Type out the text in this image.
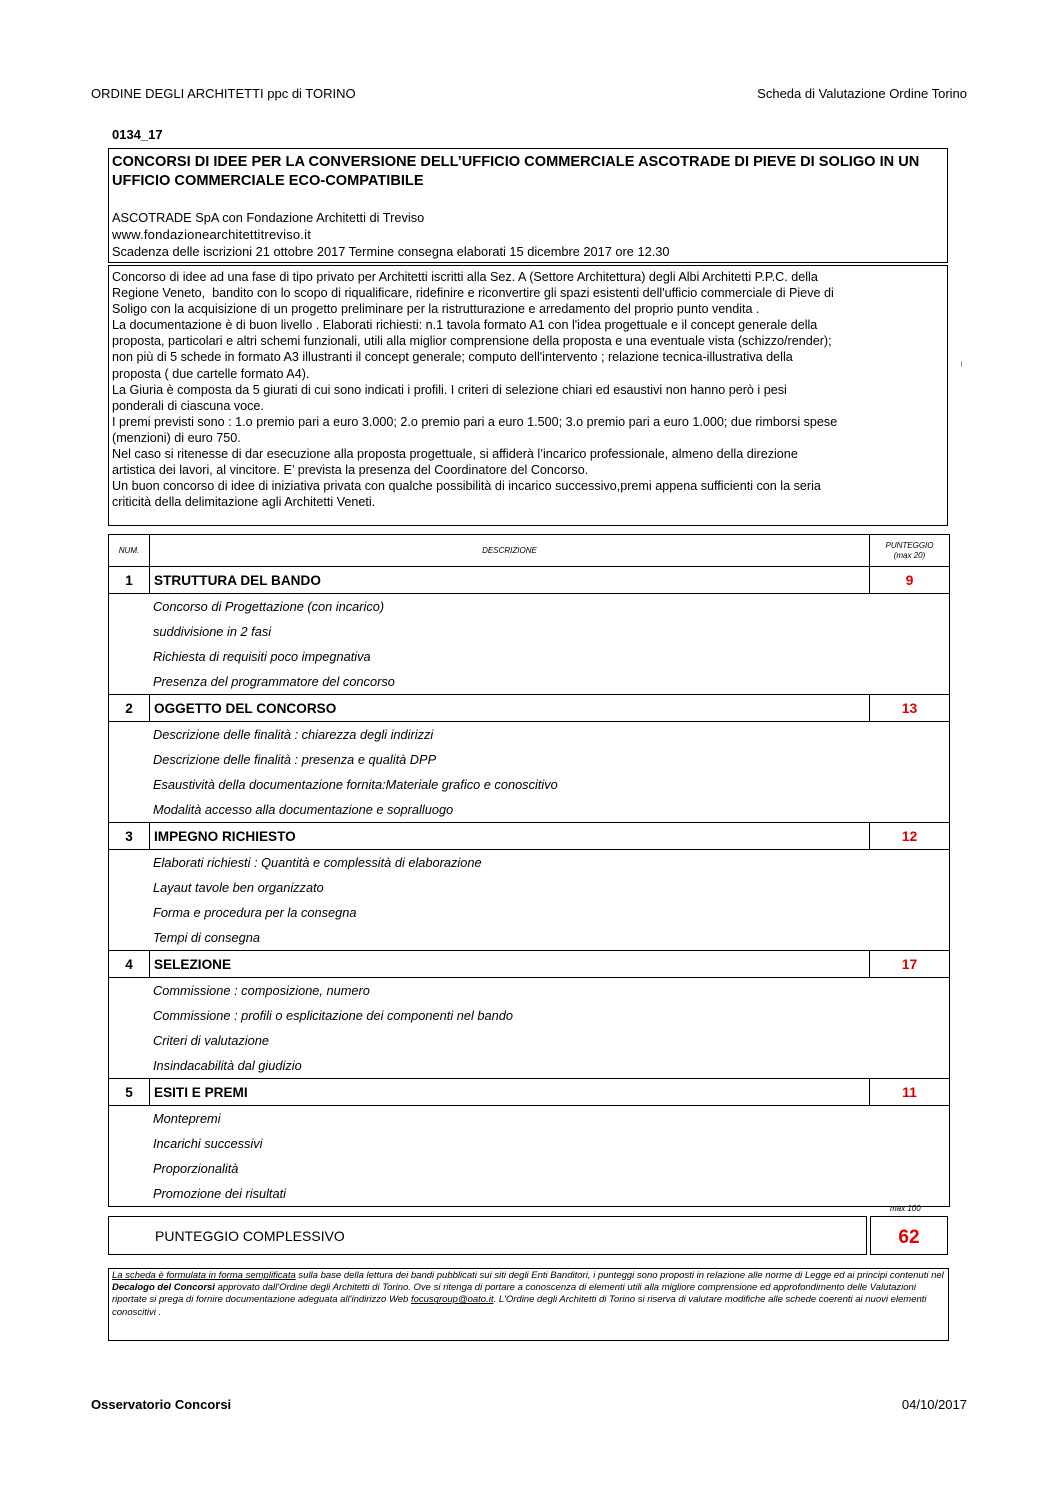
ORDINE DEGLI ARCHITETTI ppc di TORINO	Scheda di Valutazione Ordine Torino
0134_17
CONCORSI DI IDEE PER LA CONVERSIONE DELL’UFFICIO COMMERCIALE ASCOTRADE DI PIEVE DI SOLIGO IN UN UFFICIO COMMERCIALE ECO-COMPATIBILE
ASCOTRADE SpA con Fondazione Architetti di Treviso
www.fondazionearchitettitreviso.it
Scadenza delle iscrizioni 21 ottobre 2017 Termine consegna elaborati 15 dicembre 2017 ore 12.30
Concorso di idee ad una fase di tipo privato per Architetti iscritti alla Sez. A (Settore Architettura) degli Albi Architetti P.P.C. della
Regione Veneto,  bandito con lo scopo di riqualificare, ridefinire e riconvertire gli spazi esistenti dell'ufficio commerciale di Pieve di
Soligo con la acquisizione di un progetto preliminare per la ristrutturazione e arredamento del proprio punto vendita .
La documentazione è di buon livello . Elaborati richiesti: n.1 tavola formato A1 con l'idea progettuale e il concept generale della
proposta, particolari e altri schemi funzionali, utili alla miglior comprensione della proposta e una eventuale vista (schizzo/render);
non più di 5 schede in formato A3 illustranti il concept generale; computo dell'intervento ; relazione tecnica-illustrativa della
proposta ( due cartelle formato A4).
La Giuria è composta da 5 giurati di cui sono indicati i profili. I criteri di selezione chiari ed esaustivi non hanno però i pesi
ponderali di ciascuna voce.
I premi previsti sono : 1.o premio pari a euro 3.000; 2.o premio pari a euro 1.500; 3.o premio pari a euro 1.000; due rimborsi spese
(menzioni) di euro 750.
Nel caso si ritenesse di dar esecuzione alla proposta progettuale, si affiderà l’incarico professionale, almeno della direzione
artistica dei lavori, al vincitore. E’ prevista la presenza del Coordinatore del Concorso.
Un buon concorso di idee di iniziativa privata con qualche possibilità di incarico successivo,premi appena sufficienti con la seria
criticità della delimitazione agli Architetti Veneti.
NUM.	DESCRIZIONE	PUNTEGGIO
(max 20)
1	STRUTTURA DEL BANDO	9
Concorso di Progettazione (con incarico)		
suddivisione in 2 fasi		
Richiesta di requisiti poco impegnativa		
Presenza del programmatore del concorso		
2	OGGETTO DEL CONCORSO	13
Descrizione delle finalità : chiarezza degli indirizzi		
Descrizione delle finalità : presenza e qualità DPP		
Esaustività della documentazione fornita:Materiale grafico e conoscitivo		
Modalità accesso alla documentazione e sopralluogo		
3	IMPEGNO RICHIESTO	12
Elaborati richiesti : Quantità e complessità di elaborazione		
Layaut tavole ben organizzato		
Forma e procedura per la consegna		
Tempi di consegna		
4	SELEZIONE	17
Commissione : composizione, numero		
Commissione : profili o esplicitazione dei componenti nel bando		
Criteri di valutazione		
Insindacabilità dal giudizio		
5	ESITI E PREMI	11
Montepremi		
Incarichi successivi		
Proporzionalità		
Promozione dei risultati		
max 100
PUNTEGGIO COMPLESSIVO	62
La scheda è formulata in forma semplificata sulla base della lettura dei bandi pubblicati sui siti degli Enti Banditori, i punteggi sono proposti in relazione alle norme di Legge ed ai principi contenuti nel Decalogo del Concorsi approvato dall'Ordine degli Architetti di Torino. Ove si ritenga di portare a conoscenza di elementi utili alla migliore comprensione ed approfondimento delle Valutazioni riportate si prega di fornire documentazione adeguata all'indirizzo Web focusgroup@oato.it. L'Ordine degli Architetti di Torino si riserva di valutare modifiche alle schede coerenti ai nuovi elementi conoscitivi .
Osservatorio Concorsi	04/10/2017
